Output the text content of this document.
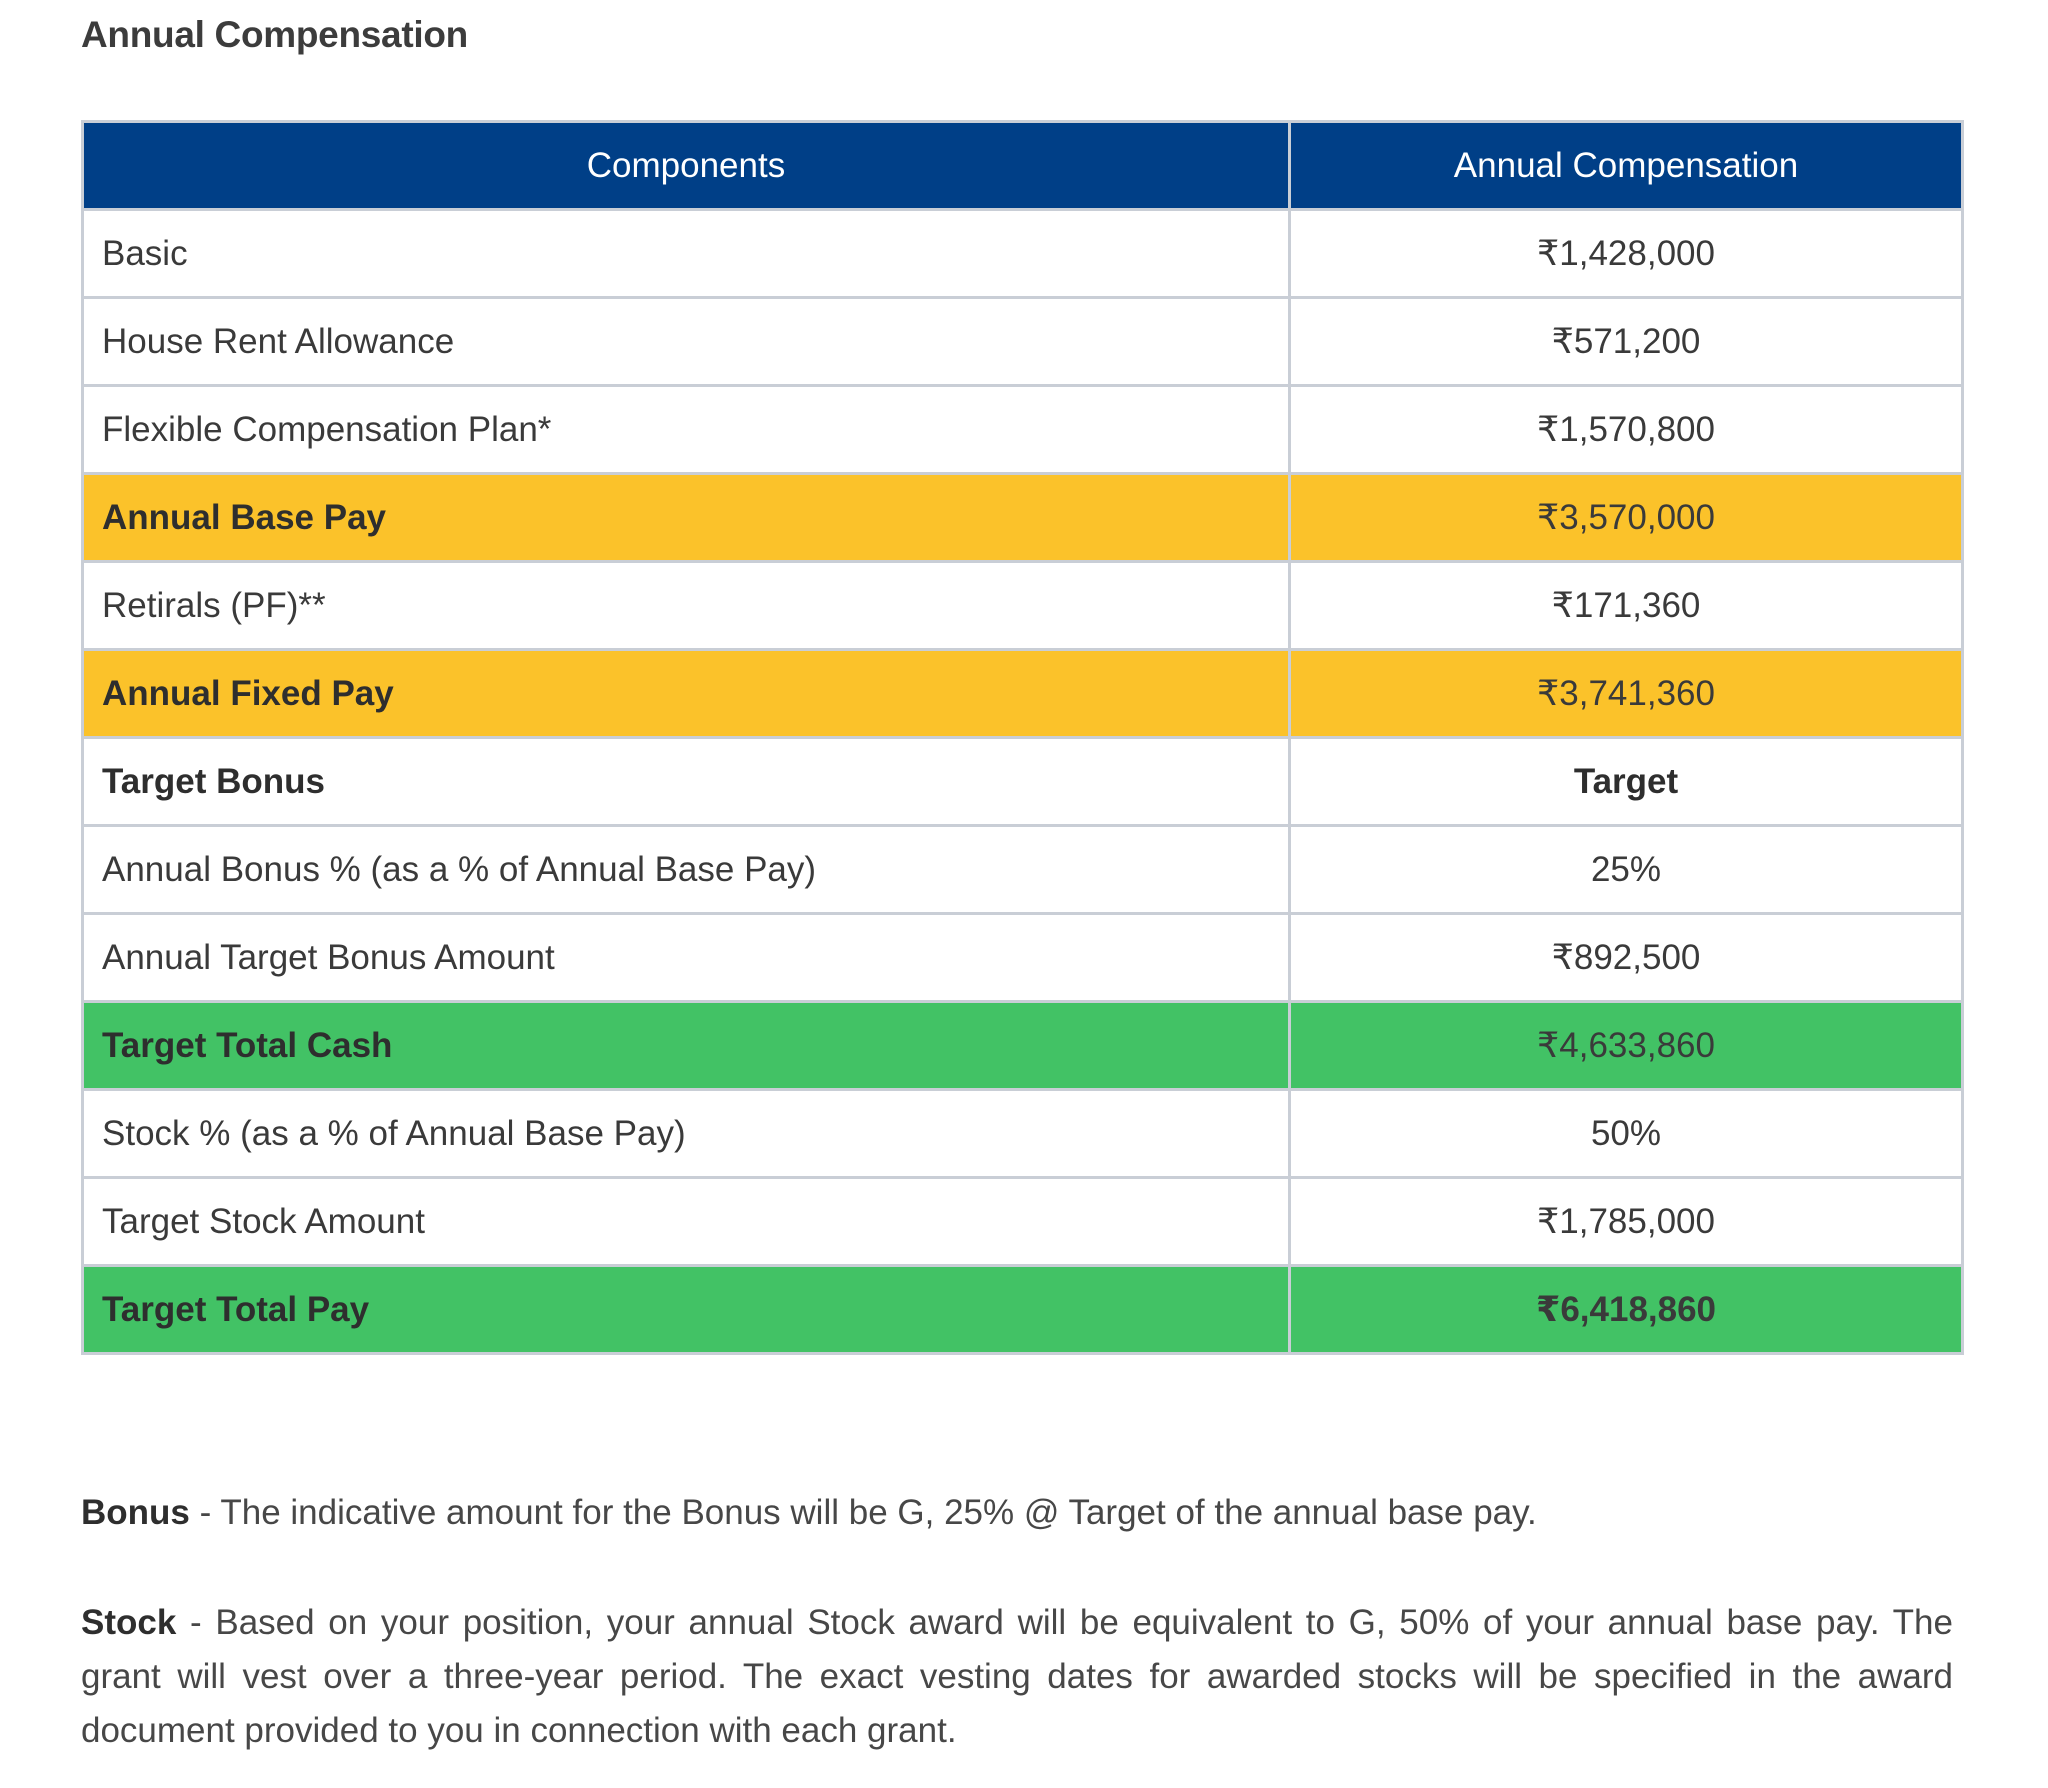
Annual Compensation
Components	Annual Compensation
Basic	₹1,428,000
House Rent Allowance	₹571,200
Flexible Compensation Plan*	₹1,570,800
Annual Base Pay	₹3,570,000
Retirals (PF)**	₹171,360
Annual Fixed Pay	₹3,741,360
Target Bonus	Target
Annual Bonus % (as a % of Annual Base Pay)	25%
Annual Target Bonus Amount	₹892,500
Target Total Cash	₹4,633,860
Stock % (as a % of Annual Base Pay)	50%
Target Stock Amount	₹1,785,000
Target Total Pay	₹6,418,860

Bonus - The indicative amount for the Bonus will be G, 25% @ Target of the annual base pay.

Stock - Based on your position, your annual Stock award will be equivalent to G, 50% of your annual base pay. The grant will vest over a three-year period. The exact vesting dates for awarded stocks will be specified in the award document provided to you in connection with each grant.
